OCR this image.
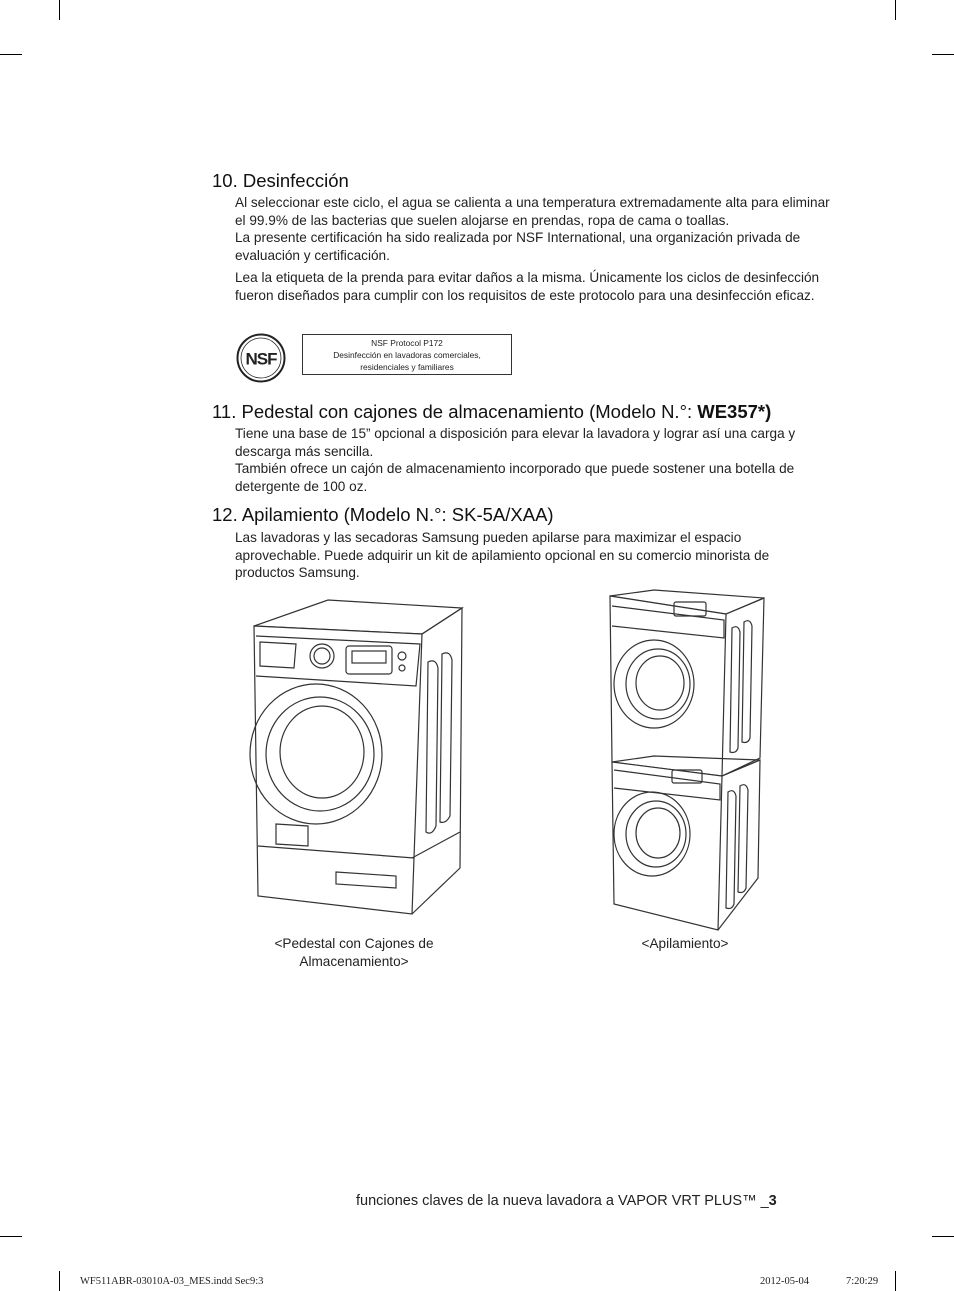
10. Desinfección

Al seleccionar este ciclo, el agua se calienta a una temperatura extremadamente alta para eliminar el 99.9% de las bacterias que suelen alojarse en prendas, ropa de cama o toallas.

La presente certificación ha sido realizada por NSF International, una organización privada de evaluación y certificación.

Lea la etiqueta de la prenda para evitar daños a la misma. Únicamente los ciclos de desinfección fueron diseñados para cumplir con los requisitos de este protocolo para una desinfección eficaz.

NSF
NSF Protocol P172
Desinfección en lavadoras comerciales,
residenciales y familiares
11. Pedestal con cajones de almacenamiento (Modelo N.°: WE357*)

Tiene una base de 15” opcional a disposición para elevar la lavadora y lograr así una carga y descarga más sencilla.

También ofrece un cajón de almacenamiento incorporado que puede sostener una botella de detergente de 100 oz.

12. Apilamiento (Modelo N.°: SK-5A/XAA)

Las lavadoras y las secadoras Samsung pueden apilarse para maximizar el espacio aprovechable. Puede adquirir un kit de apilamiento opcional en su comercio minorista de productos Samsung.

<Pedestal con Cajones de Almacenamiento>
<Apilamiento>
funciones claves de la nueva lavadora a VAPOR VRT PLUS™ _3
WF511ABR-03010A-03_MES.indd Sec9:3	2012-05-04	7:20:29
